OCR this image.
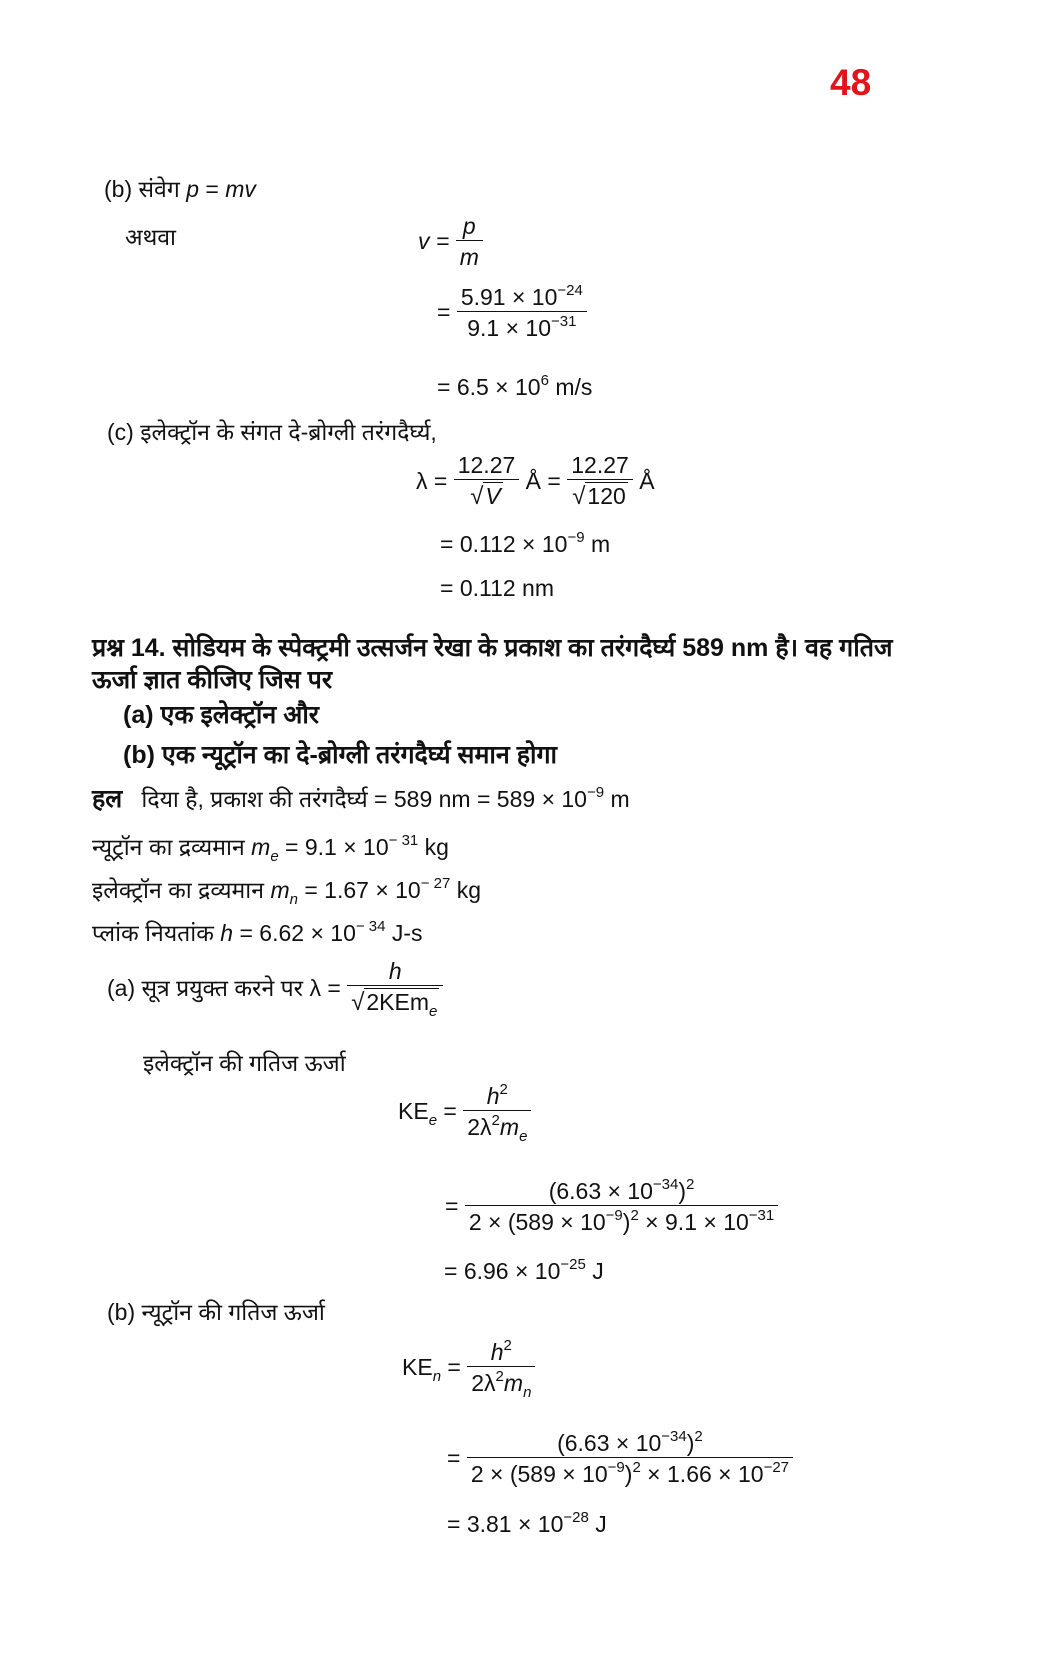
48
(b) संवेग p = mv
अथवा	$v = \frac{p}{m}$
= $\frac{5.91 \times 10^{-24}}{9.1 \times 10^{-31}}$
= $6.5 \times 10^6$ m/s
(c) इलेक्ट्रॉन के संगत दे-ब्रोग्ली तरंगदैर्घ्य,
$\lambda = \frac{12.27}{√V}$ Å = $\frac{12.27}{√120}$ Å
= $0.112 \times 10^{-9}$ m
= 0.112 nm
प्रश्न 14. सोडियम के स्पेक्ट्रमी उत्सर्जन रेखा के प्रकाश का तरंगदैर्घ्य 589 nm है। वह गतिज
ऊर्जा ज्ञात कीजिए जिस पर
(a) एक इलेक्ट्रॉन और
(b) एक न्यूट्रॉन का दे-ब्रोग्ली तरंगदैर्घ्य समान होगा
हल दिया है, प्रकाश की तरंगदैर्घ्य = 589 nm = $589 \times 10^{-9}$ m
न्यूट्रॉन का द्रव्यमान $m_e = 9.1 \times 10^{- 31}$ kg
इलेक्ट्रॉन का द्रव्यमान $m_n = 1.67 \times 10^{- 27}$ kg
प्लांक नियतांक $h = 6.62 \times 10^{- 34}$ J-s
(a) सूत्र प्रयुक्त करने पर $\lambda = \frac{h}{√2KEm_e}$
इलेक्ट्रॉन की गतिज ऊर्जा
$KE_e = \frac{h^2}{2\lambda^2m_e}$
= $\frac{(6.63 \times 10^{-34})^2}{2 \times (589 \times 10^{-9})^2 \times 9.1 \times 10^{-31}}$
= $6.96 \times 10^{-25}$ J
(b) न्यूट्रॉन की गतिज ऊर्जा
$KE_n = \frac{h^2}{2\lambda^2m_n}$
= $\frac{(6.63 \times 10^{-34})^2}{2 \times (589 \times 10^{-9})^2 \times 1.66 \times 10^{-27}}$
= $3.81 \times 10^{-28}$ J
